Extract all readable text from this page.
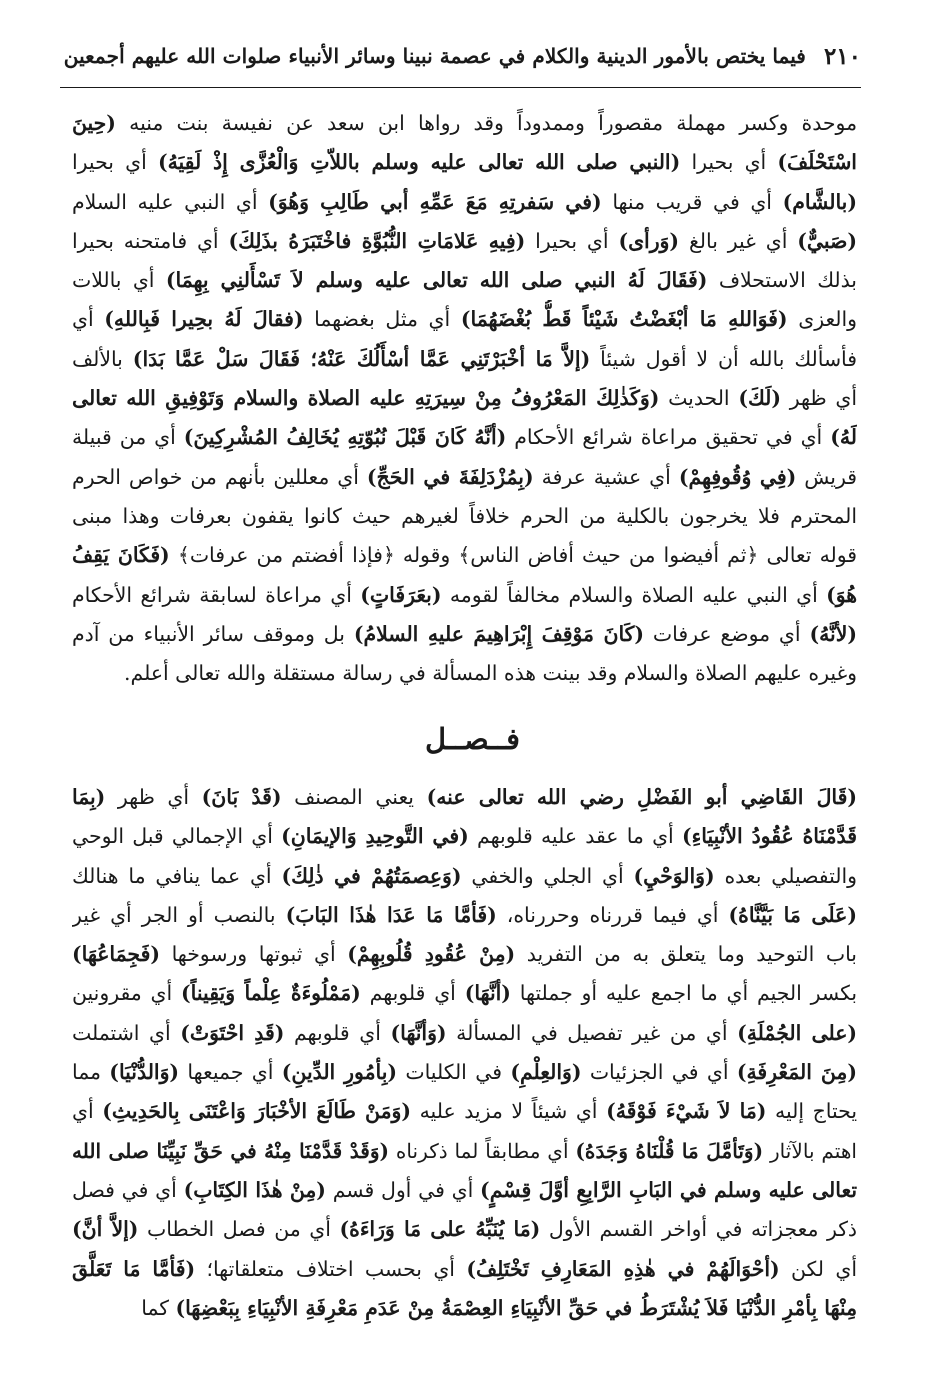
٢١٠
فيما يختص بالأمور الدينية والكلام في عصمة نبينا وسائر الأنبياء صلوات الله عليهم أجمعين
موحدة وكسر مهملة مقصوراً وممدوداً وقد رواها ابن سعد عن نفيسة بنت منيه (حِينَ
اسْتَحْلَفَ) أي بحيرا (النبي صلى الله تعالى عليه وسلم باللاّتِ وَالْعُزَّى إِذْ لَقِيَهُ) أي بحيرا
(بالشَّام) أي في قريب منها (في سَفرتِهِ مَعَ عَمِّهِ أبي طَالِبِ وَهُوَ) أي النبي عليه السلام
(صَبيٌّ) أي غير بالغ (وَرأى) أي بحيرا (فِيهِ عَلامَاتِ النُّبُوَّةِ فاخْتَبَرَهُ بذَلِكَ) أي فامتحنه بحيرا
بذلك الاستحلاف (فَقَالَ لَهُ النبي صلى الله تعالى عليه وسلم لاَ تَسْأَلنِي بِهِمَا) أي باللات
والعزى (فَوَاللهِ مَا أبْغَضْتُ شَيْئاً قَطُّ بُغْضَهُمَا) أي مثل بغضهما (فقالَ لَهُ بحِيرا فَبِاللهِ) أي
فأسألك بالله أن لا أقول شيئاً (إلاَّ مَا أخْبَرْتَنِي عَمَّا أسْأَلُكَ عَنْهُ؛ فَقَالَ سَلْ عَمَّا بَدَا) بالألف
أي ظهر (لَكَ) الحديث (وَكَذٰلِكَ المَعْرُوفُ مِنْ سِيرَتِهِ عليه الصلاة والسلام وَتَوْفِيقِ الله تعالى
لَهُ) أي في تحقيق مراعاة شرائع الأحكام (أنَّهُ كَانَ قَبْلَ نُبُوّتِهِ يُخَالِفُ المُشْرِكِينَ) أي من قبيلة
قريش (فِي وُقُوفِهِمْ) أي عشية عرفة (بِمُزْدَلِفَةَ في الحَجِّ) أي معللين بأنهم من خواص الحرم
المحترم فلا يخرجون بالكلية من الحرم خلافاً لغيرهم حيث كانوا يقفون بعرفات وهذا مبنى
قوله تعالى ﴿ثم أفيضوا من حيث أفاض الناس﴾ وقوله ﴿فإذا أفضتم من عرفات﴾ (فَكَانَ يَقِفُ
هُوَ) أي النبي عليه الصلاة والسلام مخالفاً لقومه (بعَرَفَاتٍ) أي مراعاة لسابقة شرائع الأحكام
(لأنَّهُ) أي موضع عرفات (كَانَ مَوْقِفَ إِبْرَاهِيمَ عليهِ السلامُ) بل وموقف سائر الأنبياء من آدم
وغيره عليهم الصلاة والسلام وقد بينت هذه المسألة في رسالة مستقلة والله تعالى أعلم.
فــصــل
(قَالَ القَاضِي أبو الفَضْلِ رضي الله تعالى عنه) يعني المصنف (قَدْ بَانَ) أي ظهر (بِمَا
قَدَّمْنَاهُ عُقُودُ الأنْبِيَاءِ) أي ما عقد عليه قلوبهم (في التَّوحِيدِ وَالإيمَانِ) أي الإجمالي قبل الوحي
والتفصيلي بعده (وَالوَحْيِ) أي الجلي والخفي (وَعِصمَتُهُمْ في ذٰلِكَ) أي عما ينافي ما هنالك
(عَلَى مَا بَيَّنَّاهُ) أي فيما قررناه وحررناه، (فَأمَّا مَا عَدَا هٰذَا البَابَ) بالنصب أو الجر أي غير
باب التوحيد وما يتعلق به من التفريد (مِنْ عُقُودِ قُلُوبِهِمْ) أي ثبوتها ورسوخها (فَجِمَاعُهَا)
بكسر الجيم أي ما اجمع عليه أو جملتها (أنَّهَا) أي قلوبهم (مَمْلُوءَةٌ عِلْماً وَيَقِيناً) أي مقرونين
(على الجُمْلَةِ) أي من غير تفصيل في المسألة (وَأنَّهَا) أي قلوبهم (قَدِ احْتَوَتْ) أي اشتملت
(مِنَ المَعْرِفَةِ) أي في الجزئيات (وَالعِلْمِ) في الكليات (بِأمُورِ الدِّينِ) أي جميعها (وَالدُّنْيَا) مما
يحتاج إليه (مَا لاَ شَيْءَ فَوْقَهُ) أي شيئاً لا مزيد عليه (وَمَنْ طَالَعَ الأخْبَارَ وَاعْتَنَى بِالحَدِيثِ) أي
اهتم بالآثار (وَتَأمَّلَ مَا قُلْنَاهُ وَجَدَهُ) أي مطابقاً لما ذكرناه (وَقَدْ قَدَّمْنَا مِنْهُ في حَقِّ نَبِيِّنَا صلى الله
تعالى عليه وسلم في البَابِ الرَّابِعِ أوَّلَ قِسْمٍ) أي في أول قسم (مِنْ هٰذَا الكِتَابِ) أي في فصل
ذكر معجزاته في أواخر القسم الأول (مَا يُنَبِّهُ على مَا وَرَاءَهُ) أي من فصل الخطاب (إلاَّ أنَّ)
أي لكن (أحْوَالَهُمْ في هٰذِهِ المَعَارِفِ تَخْتَلِفُ) أي بحسب اختلاف متعلقاتها؛ (فَأمَّا مَا تَعَلَّقَ
مِنْهَا بِأمْرِ الدُّنْيَا فَلاَ يُشْتَرَطُ في حَقِّ الأنْبِيَاءِ العِصْمَةُ مِنْ عَدَمِ مَعْرِفَةِ الأنْبِيَاءِ بِبَعْضِهَا) كما
